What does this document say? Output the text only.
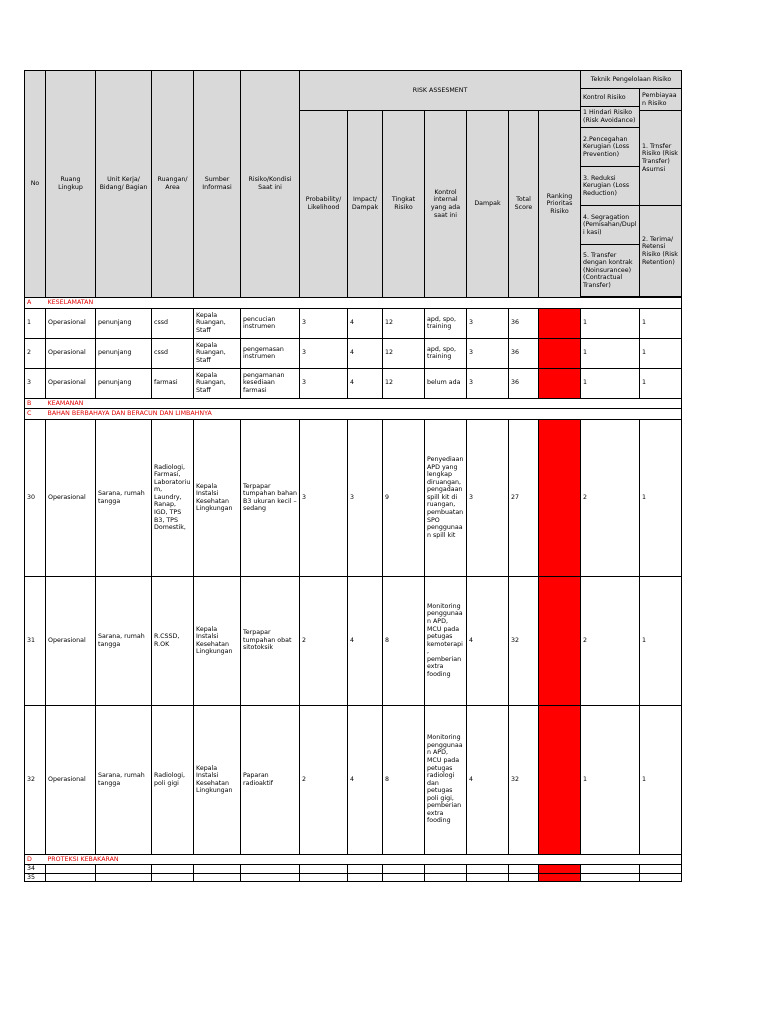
No	Ruang Lingkup	Unit Kerja/ Bidang/ Bagian	Ruangan/ Area	Sumber Informasi	Risiko/Kondisi Saat ini	RISK ASSESMENT							Teknik Pengelolaan Risiko	
													Kontrol Risiko	Pembiayaan Risiko
													1 Hindari Risiko (Risk Avoidance)	

						Probability/ Likelihood	Impact/ Dampak	Tingkat Risiko	Kontrol internal yang ada saat ini	Dampak	Total Score	Ranking Prioritas Risiko		1. Trnsfer Risiko (Risk Transfer) Asurnsi
													2.Pencegahan Kerugian (Loss Prevention)	
													3. Reduksi Kerugian (Loss Reduction)	
													4. Segragation (Pemisahan/Dupli kasi)	2. Terima/ Retensi Risiko (Risk Retention)
													5. Transfer dengan kontrak (Noinsurancee) (Contractual Transfer)	

A	KESELAMATAN													
1	Operasional	penunjang	cssd	Kepala Ruangan, Staff	pencucian instrumen	3	4	12	apd, spo, training	3	36		1	1
2	Operasional	penunjang	cssd	Kepala Ruangan, Staff	pengemasan instrumen	3	4	12	apd, spo, training	3	36		1	1
3	Operasional	penunjang	farmasi	Kepala Ruangan, Staff	pengamanan kesediaan farmasi	3	4	12	belum ada	3	36		1	1
B	KEAMANAN													
C	BAHAN BERBAHAYA DAN BERACUN DAN LIMBAHNYA													
30	Operasional	Sarana, rumah tangga	Radiologi, Farmasi, Laboratoriu m, Laundry, Ranap, IGD, TPS B3, TPS Domestik,	Kepala Instalsi Kesehatan Lingkungan	Terpapar tumpahan bahan B3 ukuran kecil – sedang	3	3	9	Penyediaan APD yang lengkap diruangan, pengadaan spill kit di ruangan, pembuatan SPO penggunaan spill kit	3	27		2	1
31	Operasional	Sarana, rumah tangga	R.CSSD, R.OK	Kepala Instalsi Kesehatan Lingkungan	Terpapar tumpahan obat sitotoksik	2	4	8	Monitoring penggunaan APD, MCU pada petugas kemoterapi, pemberian extra fooding	4	32		2	1
32	Operasional	Sarana, rumah tangga	Radiologi, poli gigi	Kepala Instalsi Kesehatan Lingkungan	Paparan radioaktif	2	4	8	Monitoring penggunaan APD, MCU pada petugas radiologi dan petugas poli gigi, pemberian extra fooding	4	32		1	1
D	PROTEKSI KEBAKARAN													
34														
35														
